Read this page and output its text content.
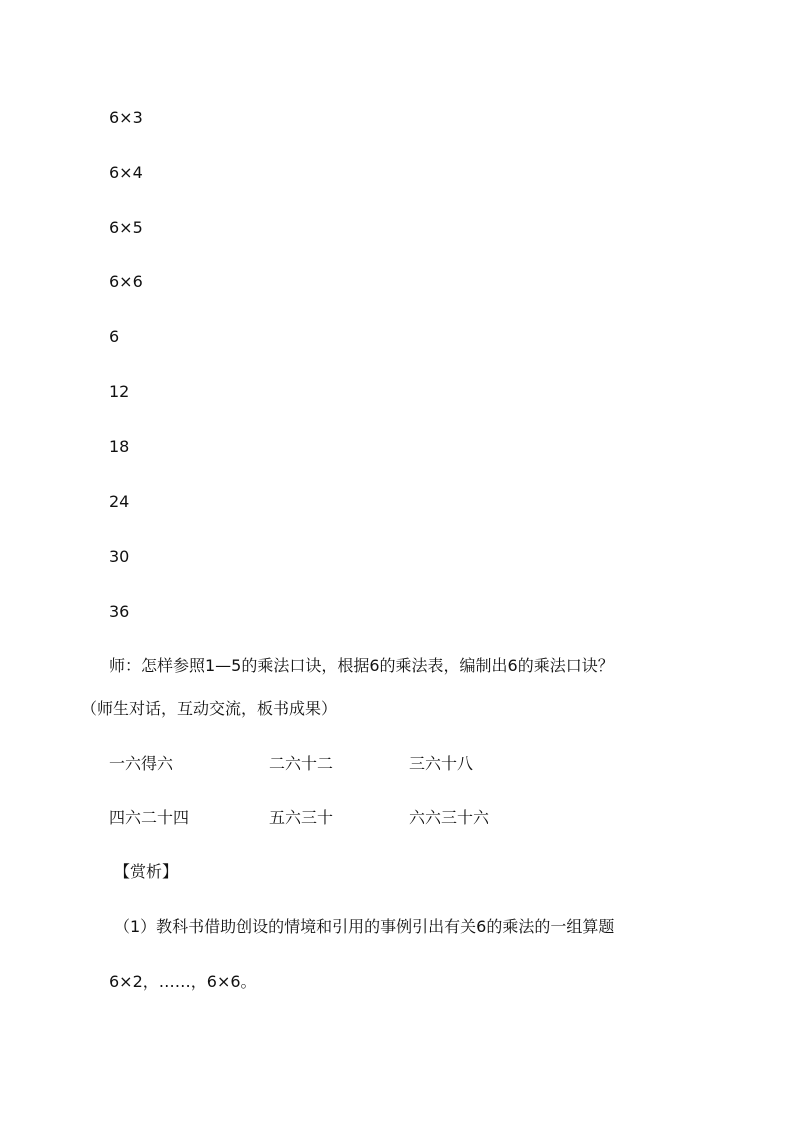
6×3
6×4
6×5
6×6
6
12
18
24
30
36
师：怎样参照1—5的乘法口诀，根据6的乘法表，编制出6的乘法口诀？
（师生对话，互动交流，板书成果）
一六得六	二六十二	三六十八
四六二十四	五六三十	六六三十六
【赏析】
（1）教科书借助创设的情境和引用的事例引出有关6的乘法的一组算题
6×2，……，6×6。
